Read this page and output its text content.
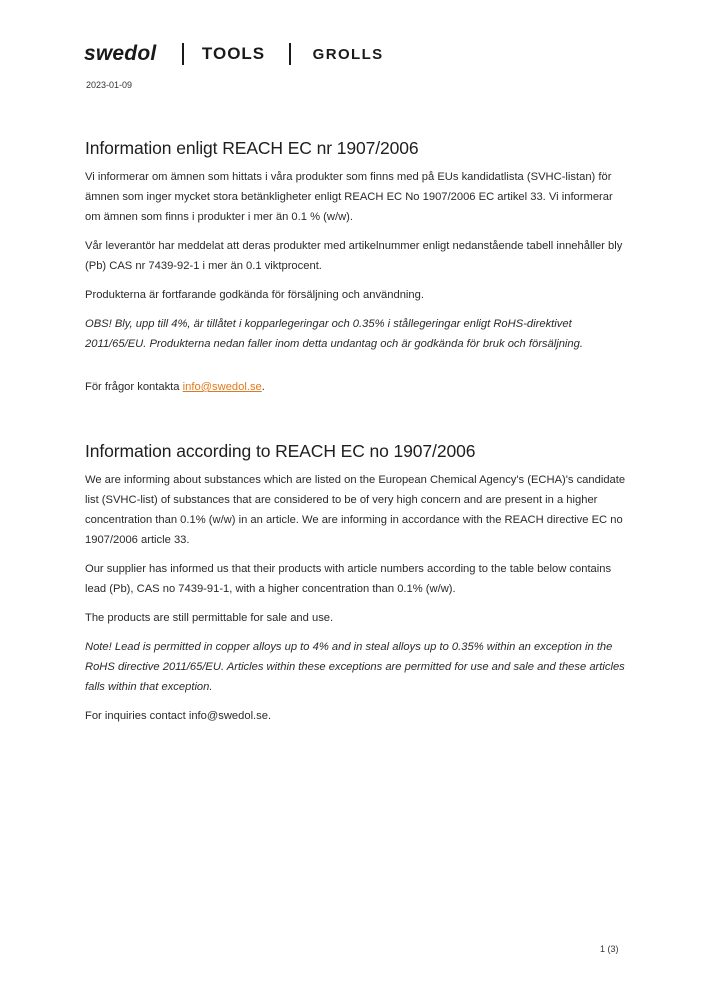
swedol	TOOLS	GROLLS
2023-01-09
Information enligt REACH EC nr 1907/2006

Vi informerar om ämnen som hittats i våra produkter som finns med på EUs kandidatlista (SVHC-listan) för ämnen som inger mycket stora betänkligheter enligt REACH EC No 1907/2006 EC artikel 33. Vi informerar om ämnen som finns i produkter i mer än 0.1 % (w/w).

Vår leverantör har meddelat att deras produkter med artikelnummer enligt nedanstående tabell innehåller bly (Pb) CAS nr 7439-92-1 i mer än 0.1 viktprocent.

Produkterna är fortfarande godkända för försäljning och användning.

OBS! Bly, upp till 4%, är tillåtet i kopparlegeringar och 0.35% i stållegeringar enligt RoHS-direktivet 2011/65/EU. Produkterna nedan faller inom detta undantag och är godkända för bruk och försäljning.

För frågor kontakta info@swedol.se.

Information according to REACH EC no 1907/2006

We are informing about substances which are listed on the European Chemical Agency's (ECHA)'s candidate list (SVHC-list) of substances that are considered to be of very high concern and are present in a higher concentration than 0.1% (w/w) in an article. We are informing in accordance with the REACH directive EC no 1907/2006 article 33.

Our supplier has informed us that their products with article numbers according to the table below contains lead (Pb), CAS no 7439-91-1, with a higher concentration than 0.1% (w/w).

The products are still permittable for sale and use.

Note! Lead is permitted in copper alloys up to 4% and in steal alloys up to 0.35% within an exception in the RoHS directive 2011/65/EU. Articles within these exceptions are permitted for use and sale and these articles falls within that exception.

For inquiries contact info@swedol.se.

1 (3)
